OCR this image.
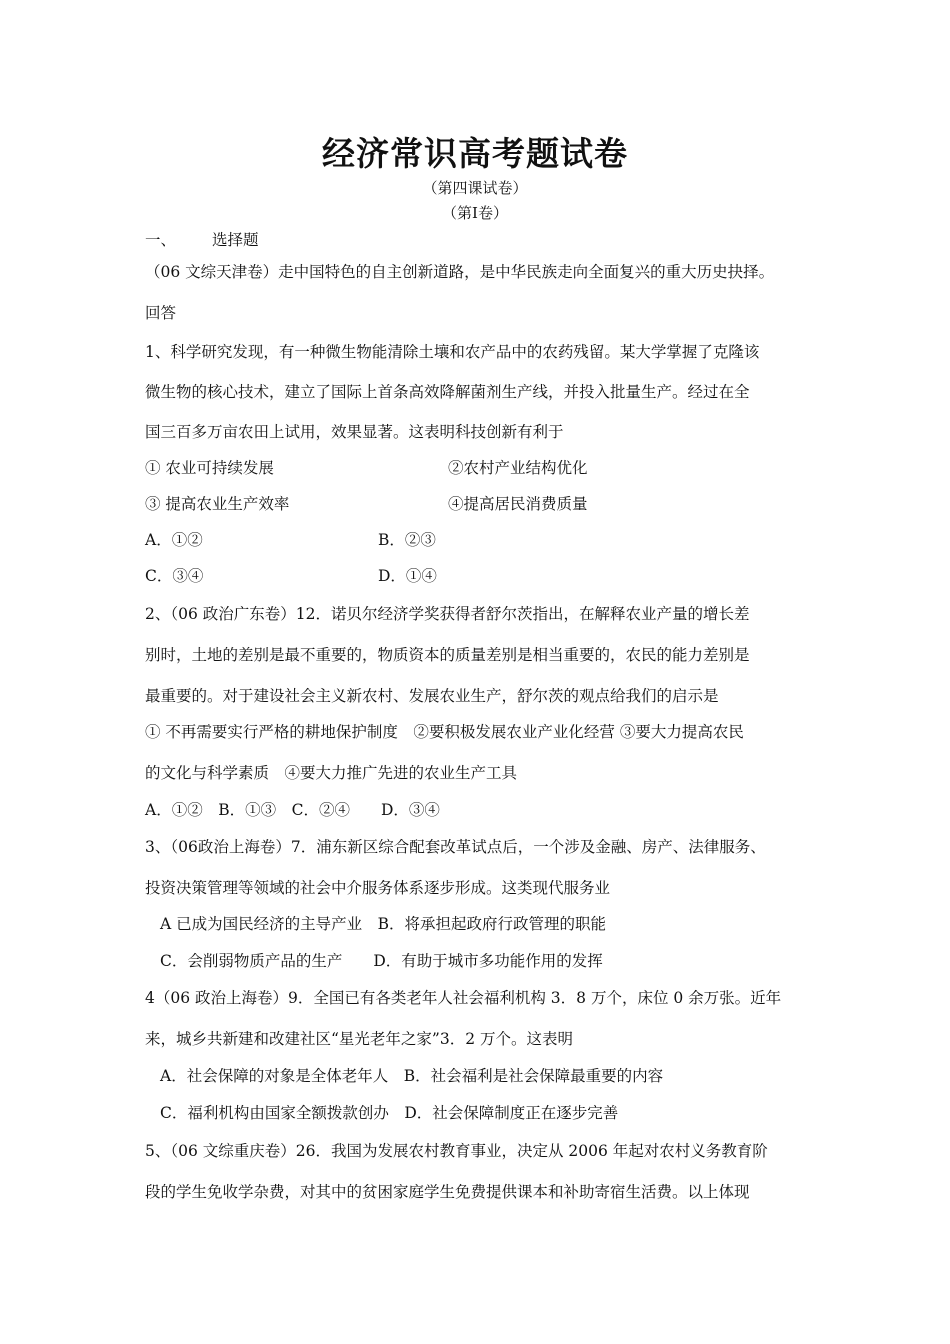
经济常识高考题试卷
（第四课试卷）
（第Ⅰ卷）
一、 选择题
（06 文综天津卷）走中国特色的自主创新道路，是中华民族走向全面复兴的重大历史抉择。
回答
1、科学研究发现，有一种微生物能清除土壤和农产品中的农药残留。某大学掌握了克隆该
微生物的核心技术，建立了国际上首条高效降解菌剂生产线，并投入批量生产。经过在全
国三百多万亩农田上试用，效果显著。这表明科技创新有利于
① 农业可持续发展	②农村产业结构优化
③ 提高农业生产效率	④提高居民消费质量
A．①②	B．②③
C．③④	D．①④
2、（06 政治广东卷）12．诺贝尔经济学奖获得者舒尔茨指出，在解释农业产量的增长差
别时，土地的差别是最不重要的，物质资本的质量差别是相当重要的，农民的能力差别是
最重要的。对于建设社会主义新农村、发展农业生产，舒尔茨的观点给我们的启示是
① 不再需要实行严格的耕地保护制度　②要积极发展农业产业化经营 ③要大力提高农民
的文化与科学素质　④要大力推广先进的农业生产工具
A．①②　B．①③　C．②④　　D．③④
3、（06政治上海卷）7．浦东新区综合配套改革试点后，一个涉及金融、房产、法律服务、
投资决策管理等领域的社会中介服务体系逐步形成。这类现代服务业
A 已成为国民经济的主导产业　B．将承担起政府行政管理的职能
C．会削弱物质产品的生产　　D．有助于城市多功能作用的发挥
4（06 政治上海卷）9．全国已有各类老年人社会福利机构 3．8 万个，床位 0 余万张。近年
来，城乡共新建和改建社区“星光老年之家”3．2 万个。这表明
A．社会保障的对象是全体老年人　B．社会福利是社会保障最重要的内容
C．福利机构由国家全额拨款创办　D．社会保障制度正在逐步完善
5、（06 文综重庆卷）26．我国为发展农村教育事业，决定从 2006 年起对农村义务教育阶
段的学生免收学杂费，对其中的贫困家庭学生免费提供课本和补助寄宿生活费。以上体现
